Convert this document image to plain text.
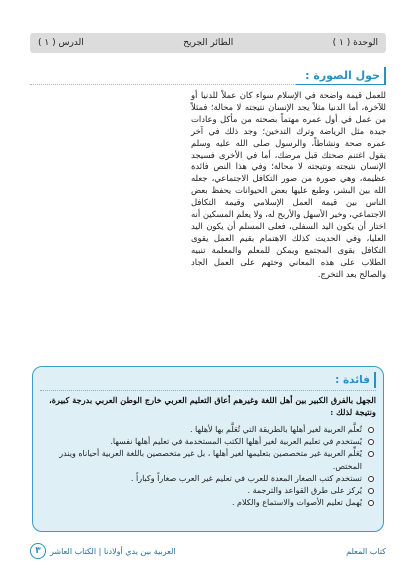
الوحدة ( ١ )
الطائر الجريح
الدرس ( ١ )
حول الصورة :

للعمل قيمة واضحة في الإسلام سواء كان عملاً للدنيا أو للآخرة، أما الدنيا مثلاً يجد الإنسان نتيجته لا محالة؛ فمثلاً من عمل في أول عمره مهتماً بصحته من مأكل وعادات جيدة مثل الرياضة وترك التدخين؛ وجد ذلك في آخر عمره صحة ونشاطاً، والرسول صلى الله عليه وسلم يقول اغتنم صحتك قبل مرضك، أما في الأخرى فسيجد الإنسان نتيجته ونتيجته لا محالة؛ وفي هذا النص فائدة عظيمة، وهي صورة من صور التكافل الاجتماعي، جعله الله بين البشر، وطبع عليها بعض الحيوانات يحفظ بعض الناس بين قيمة العمل الإسلامي وقيمة التكافل الاجتماعي، وخير الأسهل والأربح له، ولا يعلم المسكين أنه اختار أن يكون اليد السفلى، فعلى المسلم أن يكون اليد العليا، وفي الحديث كذلك الاهتمام بقيم العمل يقوى التكافل بقوى المجتمع ويمكن للمعلم والمعلمة تنبيه الطلاب على هذه المعاني وحثهم على العمل الجاد والصالح بعد التخرج.

فائدة :

الجهل بالفرق الكبير بين أهل اللغة وغيرهم أعاق التعليم العربي خارج الوطن العربي بدرجة كبيرة، ونتيجة لذلك :

تُعلَّم العربية لغير أهلها بالطريقة التي تُعَلَّم بها لأهلها .
يُستخدم في تعليم العربية لغير أهلها الكتب المستخدمة في تعليم أهلها نفسها.
يُعَلِّم العربية غير متخصصين بتعليمها لغير أهلها ، بل غير متخصصين باللغة العربية أحياناه ويندر المختص.
تستخدم كتب الصغار المعدة للعرب في تعليم غير العرب صغاراً وكباراً .
يُركز على طرق القواعد والترجمة .
يُهمل تعليم الأصوات والاستماع والكلام .
كتاب المعلم
العربية بين يدي أولادنا | الكتاب العاشر
٣
